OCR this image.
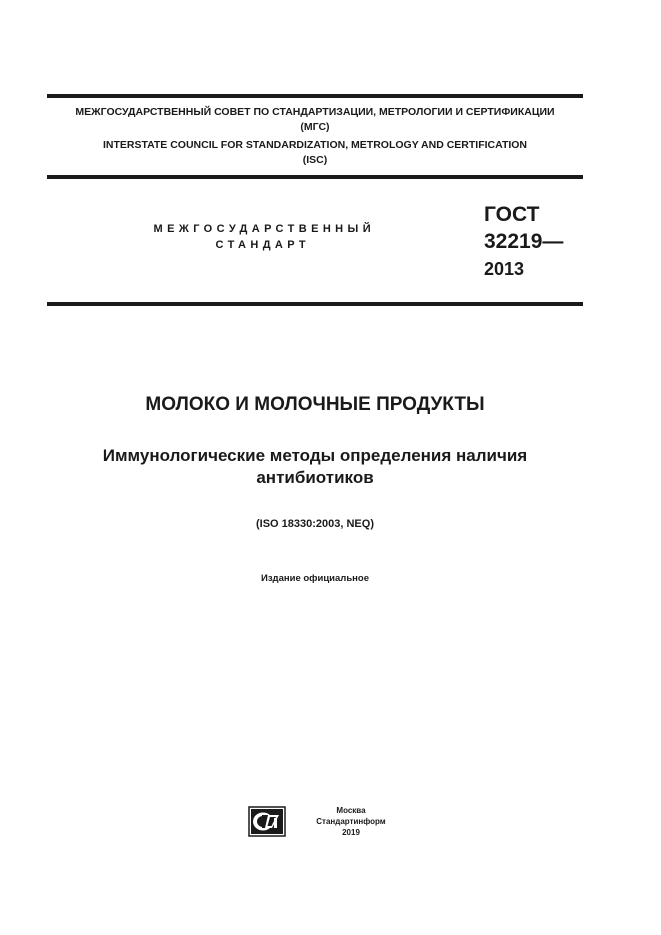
МЕЖГОСУДАРСТВЕННЫЙ СОВЕТ ПО СТАНДАРТИЗАЦИИ, МЕТРОЛОГИИ И СЕРТИФИКАЦИИ
(МГС)
INTERSTATE COUNCIL FOR STANDARDIZATION, METROLOGY AND CERTIFICATION
(ISC)
МЕЖГОСУДАРСТВЕННЫЙ
СТАНДАРТ
ГОСТ
32219—
2013
МОЛОКО И МОЛОЧНЫЕ ПРОДУКТЫ
Иммунологические методы определения наличия
антибиотиков
(ISO 18330:2003, NEQ)
Издание официальное
Москва
Стандартинформ
2019
